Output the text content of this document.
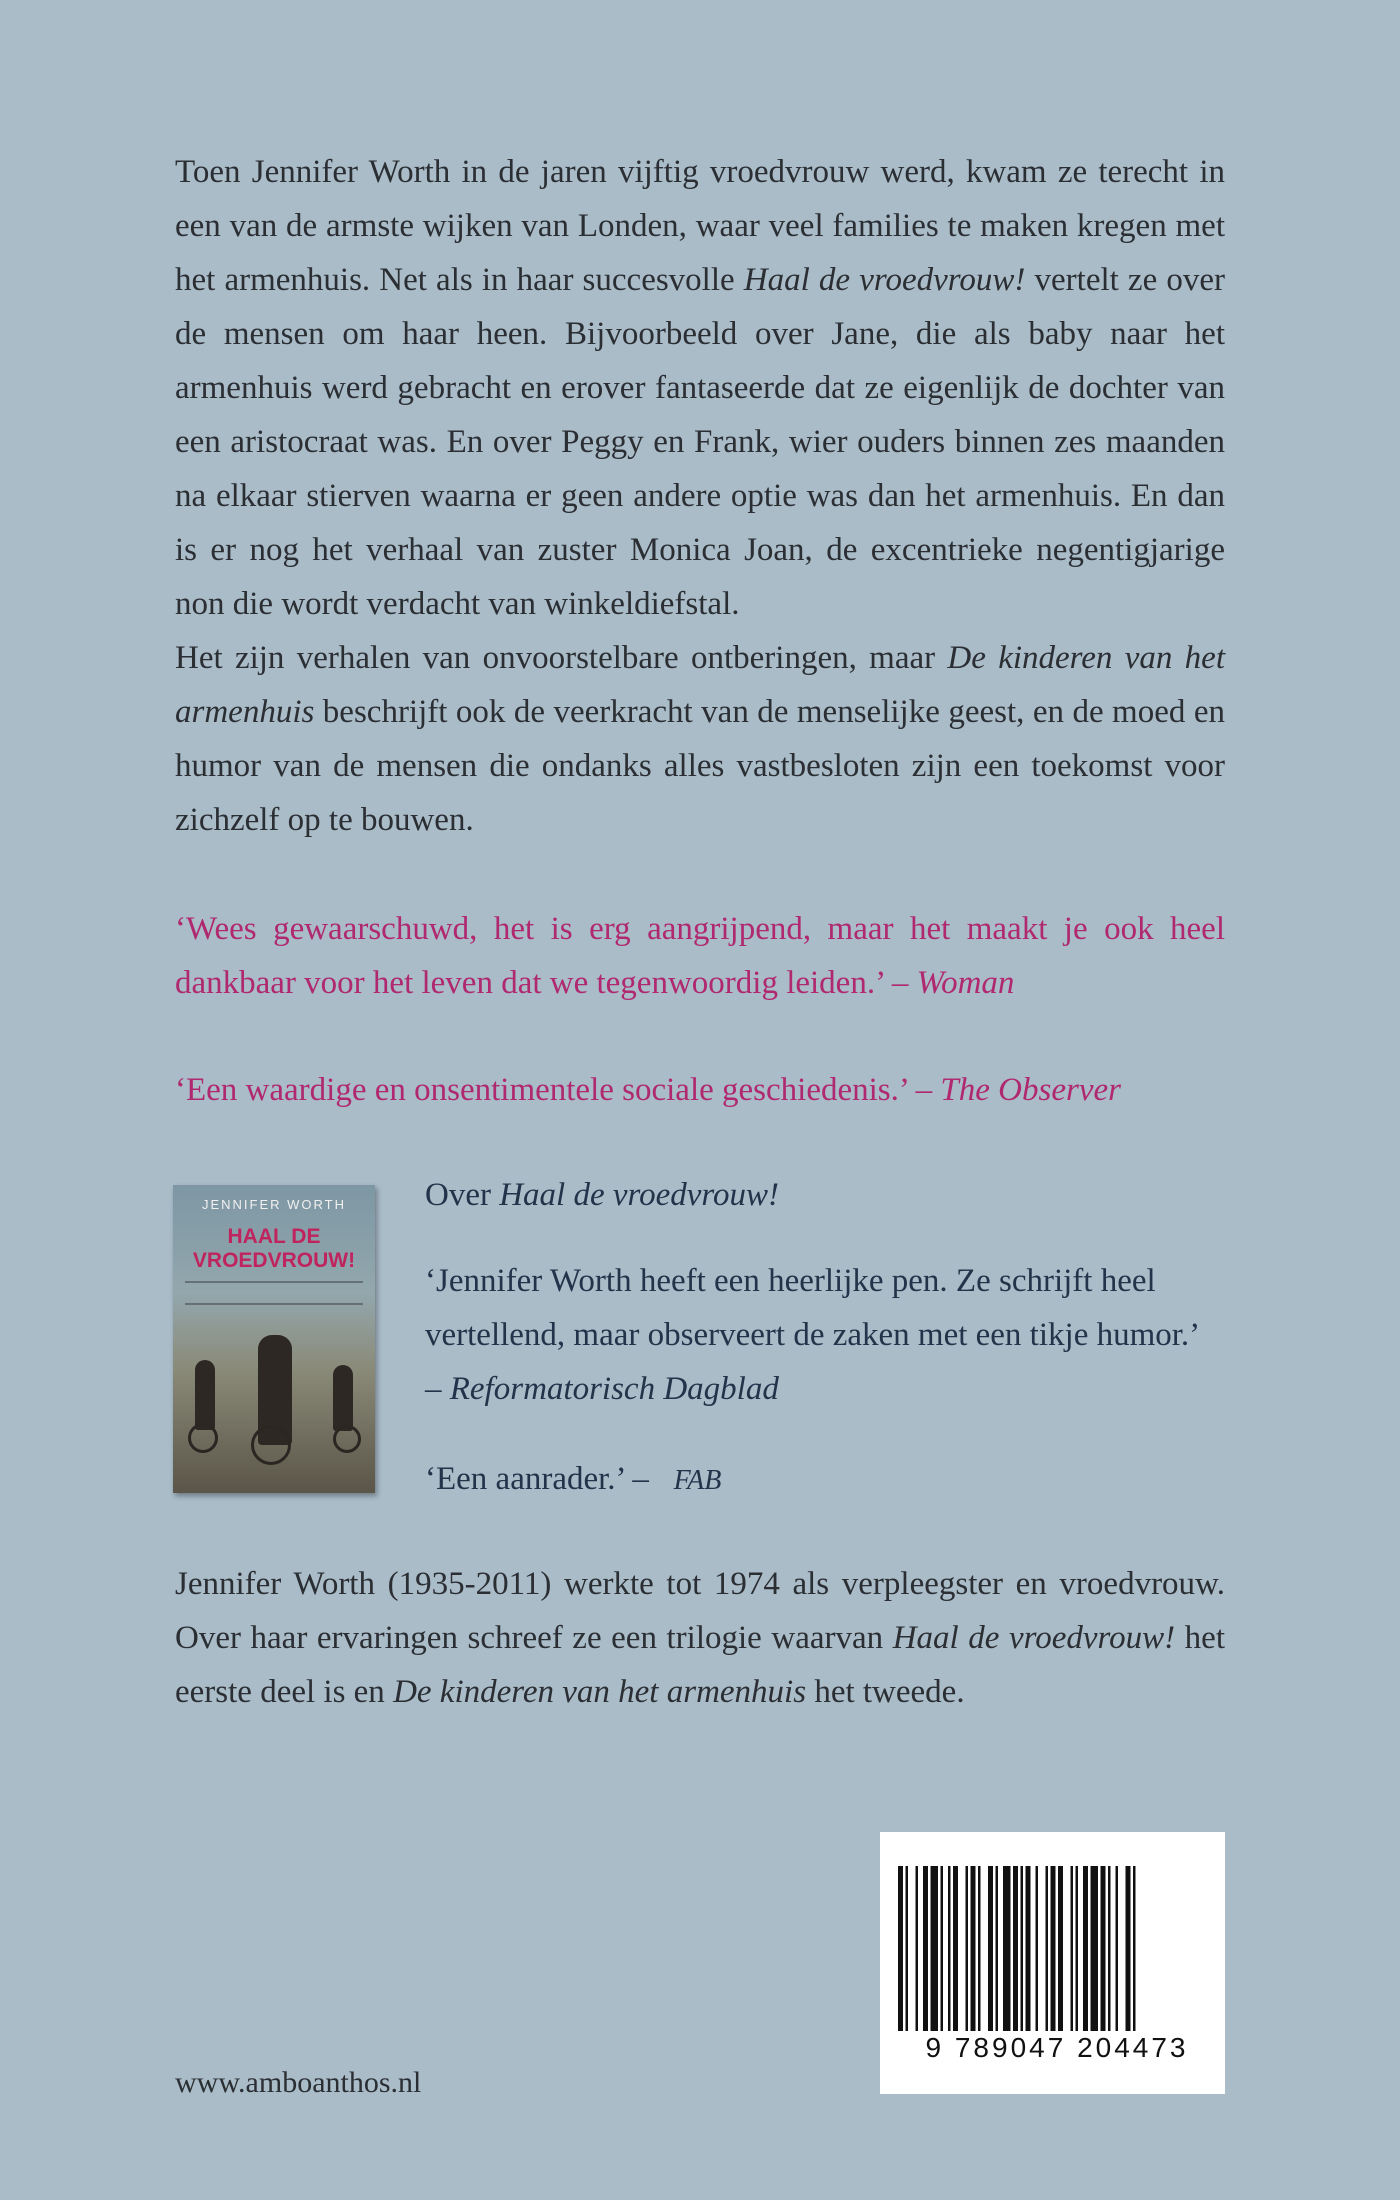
Toen Jennifer Worth in de jaren vijftig vroedvrouw werd, kwam ze terecht in een van de armste wijken van Londen, waar veel families te maken kregen met het armenhuis. Net als in haar succesvolle Haal de vroedvrouw! vertelt ze over de mensen om haar heen. Bijvoorbeeld over Jane, die als baby naar het armenhuis werd gebracht en erover fantaseerde dat ze eigenlijk de dochter van een aristocraat was. En over Peggy en Frank, wier ouders binnen zes maanden na elkaar stierven waarna er geen andere optie was dan het armenhuis. En dan is er nog het verhaal van zuster Monica Joan, de excentrieke negentigjarige non die wordt verdacht van winkeldiefstal.

Het zijn verhalen van onvoorstelbare ontberingen, maar De kinderen van het armenhuis beschrijft ook de veerkracht van de menselijke geest, en de moed en humor van de mensen die ondanks alles vastbesloten zijn een toekomst voor zichzelf op te bouwen.

‘Wees gewaarschuwd, het is erg aangrijpend, maar het maakt je ook heel dankbaar voor het leven dat we tegenwoordig leiden.’ – Woman

‘Een waardige en onsentimentele sociale geschiedenis.’ – The Observer

JENNIFER WORTH
HAAL DE
VROEDVROUW!

Over Haal de vroedvrouw!

‘Jennifer Worth heeft een heerlijke pen. Ze schrijft heel vertellend, maar observeert de zaken met een tikje humor.’

– Reformatorisch Dagblad

‘Een aanrader.’ – FAB

Jennifer Worth (1935-2011) werkte tot 1974 als verpleegster en vroedvrouw. Over haar ervaringen schreef ze een trilogie waarvan Haal de vroedvrouw! het eerste deel is en De kinderen van het armenhuis het tweede.

9 789047 204473
www.amboanthos.nl
